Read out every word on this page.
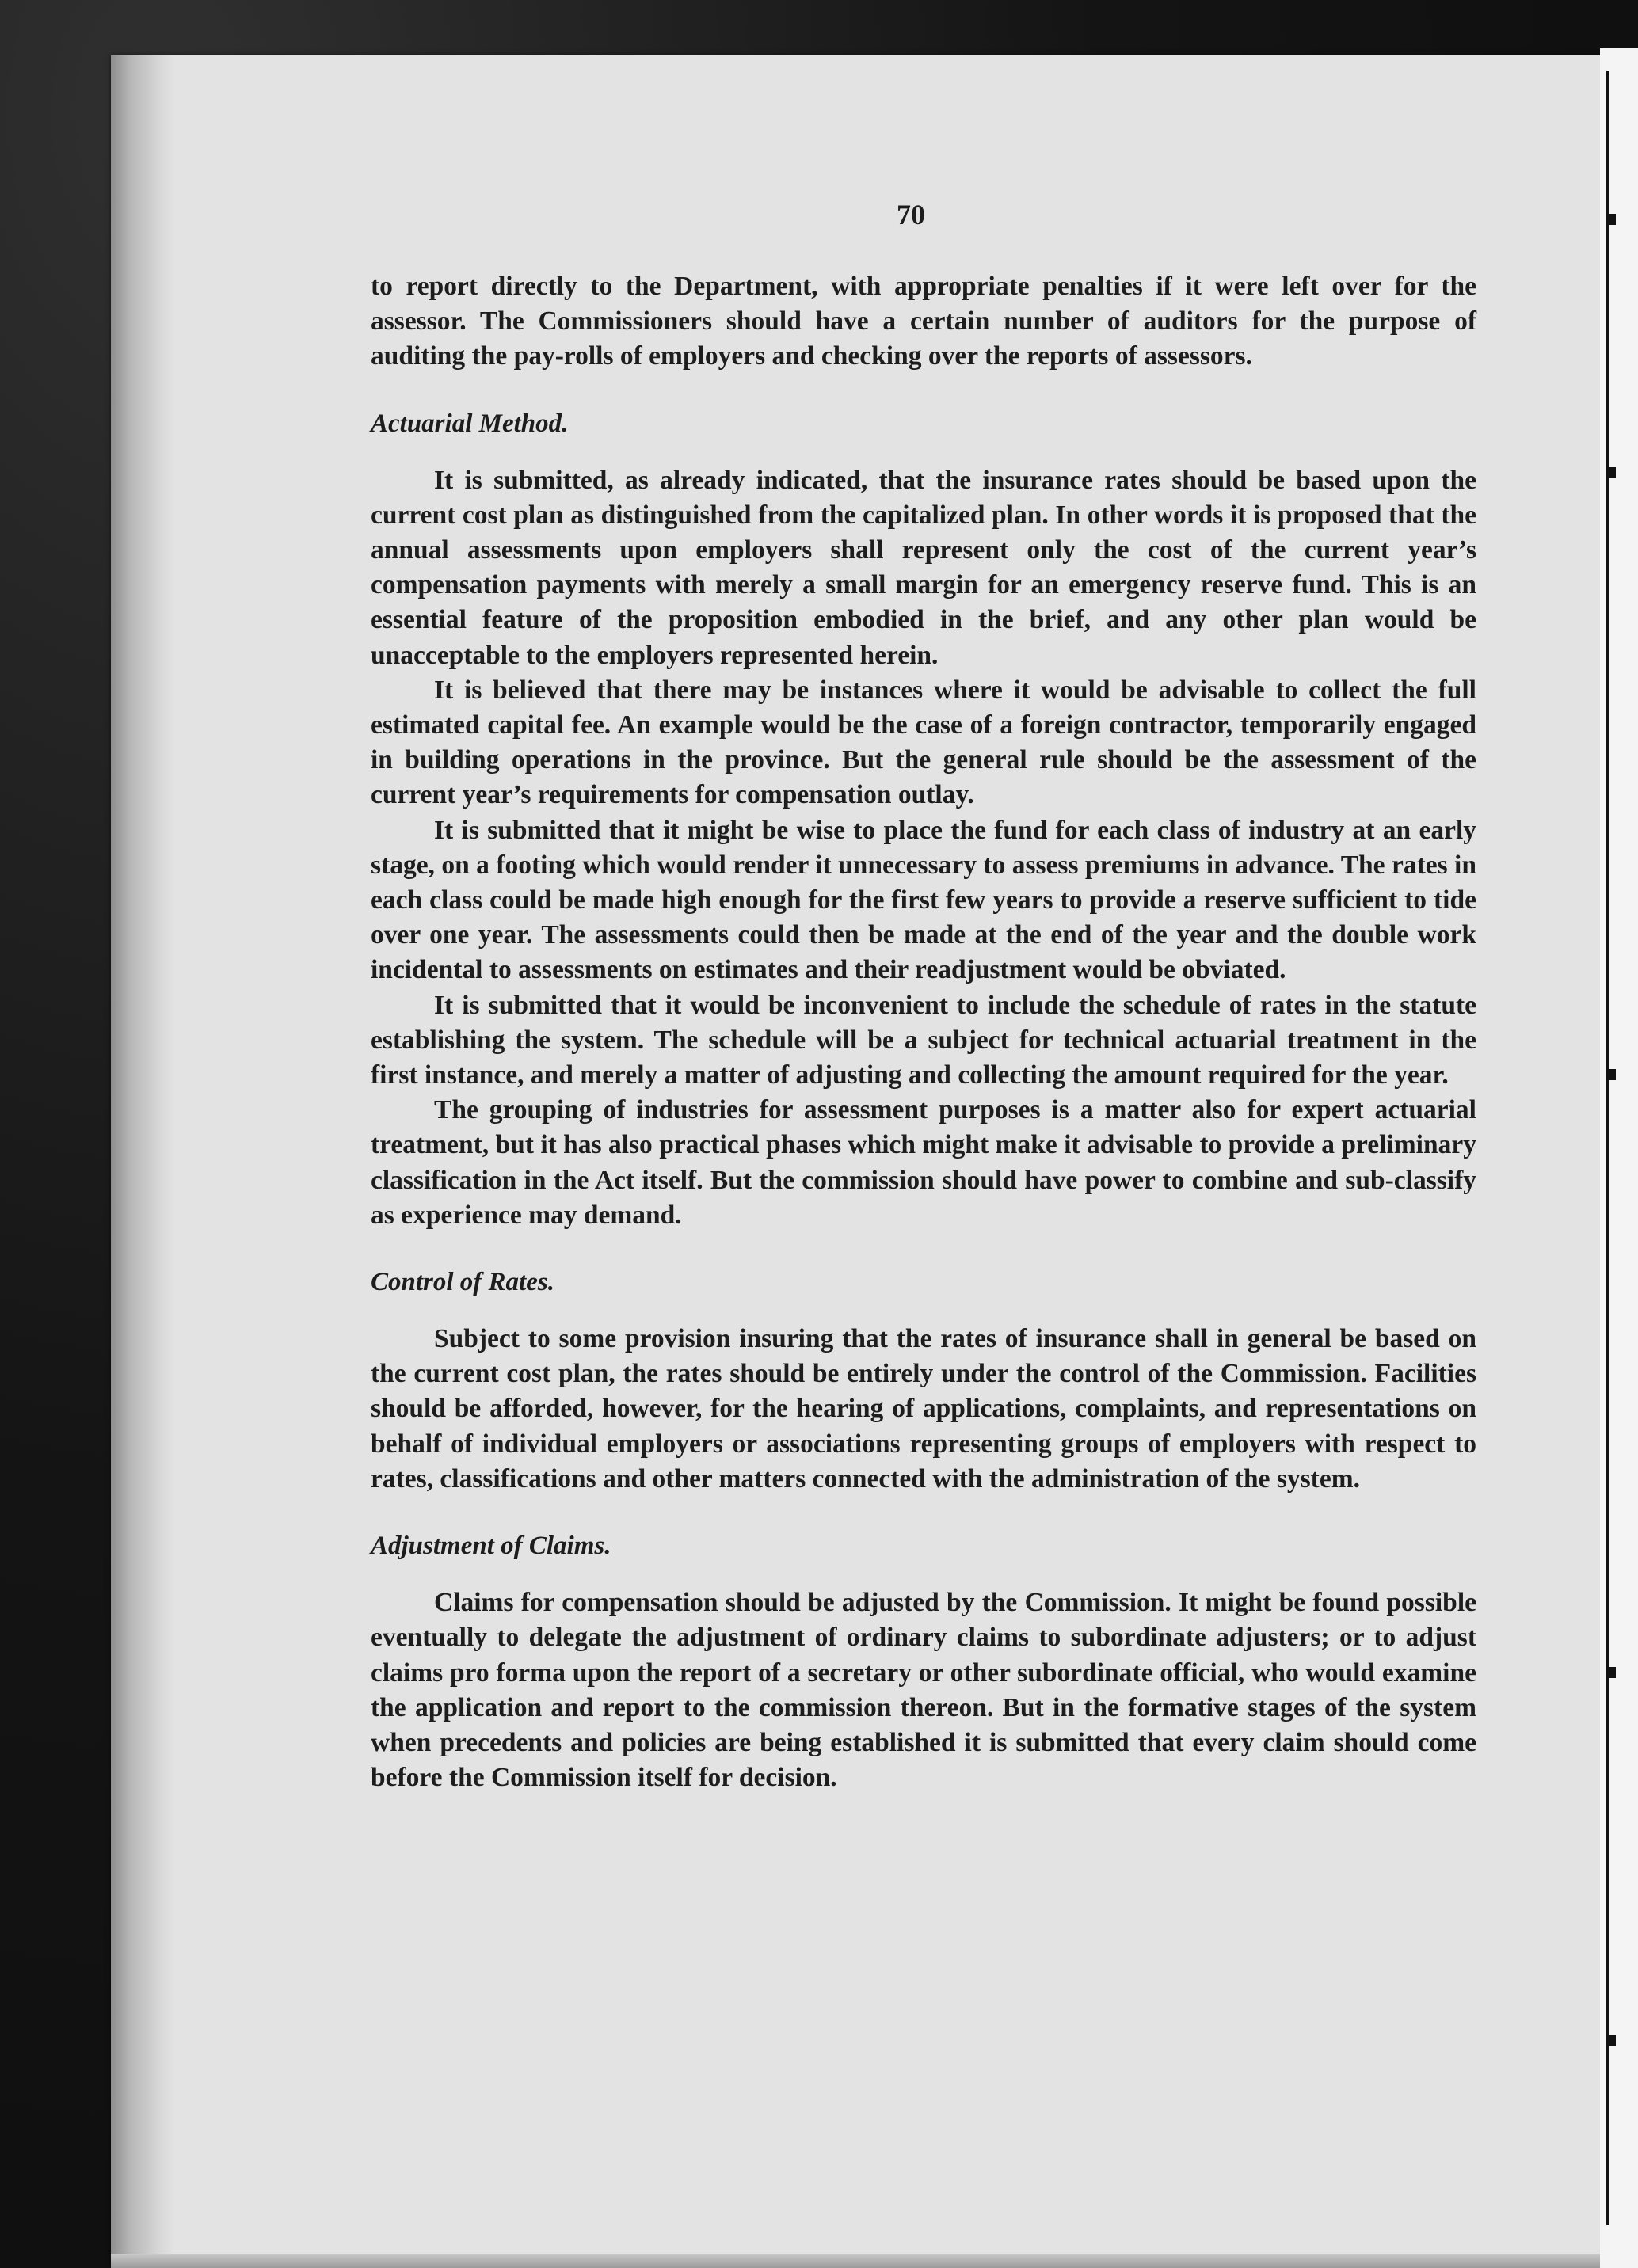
70

to report directly to the Department, with appropriate penalties if it were left over for the assessor. The Commissioners should have a certain number of auditors for the purpose of auditing the pay-rolls of employers and checking over the reports of assessors.

Actuarial Method.

It is submitted, as already indicated, that the insurance rates should be based upon the current cost plan as distinguished from the capitalized plan. In other words it is proposed that the annual assessments upon employers shall represent only the cost of the current year’s compensation payments with merely a small margin for an emergency reserve fund. This is an essential feature of the proposition embodied in the brief, and any other plan would be unacceptable to the employers represented herein.

It is believed that there may be instances where it would be advisable to collect the full estimated capital fee. An example would be the case of a foreign contractor, temporarily engaged in building operations in the province. But the general rule should be the assessment of the current year’s requirements for compensation outlay.

It is submitted that it might be wise to place the fund for each class of industry at an early stage, on a footing which would render it unnecessary to assess premiums in advance. The rates in each class could be made high enough for the first few years to provide a reserve sufficient to tide over one year. The assessments could then be made at the end of the year and the double work incidental to assessments on estimates and their readjustment would be obviated.

It is submitted that it would be inconvenient to include the schedule of rates in the statute establishing the system. The schedule will be a subject for technical actuarial treatment in the first instance, and merely a matter of adjusting and collecting the amount required for the year.

The grouping of industries for assessment purposes is a matter also for expert actuarial treatment, but it has also practical phases which might make it advisable to provide a preliminary classification in the Act itself. But the commission should have power to combine and sub-classify as experience may demand.

Control of Rates.

Subject to some provision insuring that the rates of insurance shall in general be based on the current cost plan, the rates should be entirely under the control of the Commission. Facilities should be afforded, however, for the hearing of applications, complaints, and representations on behalf of individual employers or associations representing groups of employers with respect to rates, classifications and other matters connected with the administration of the system.

Adjustment of Claims.

Claims for compensation should be adjusted by the Commission. It might be found possible eventually to delegate the adjustment of ordinary claims to subordinate adjusters; or to adjust claims pro forma upon the report of a secretary or other subordinate official, who would examine the application and report to the commission thereon. But in the formative stages of the system when precedents and policies are being established it is submitted that every claim should come before the Commission itself for decision.
